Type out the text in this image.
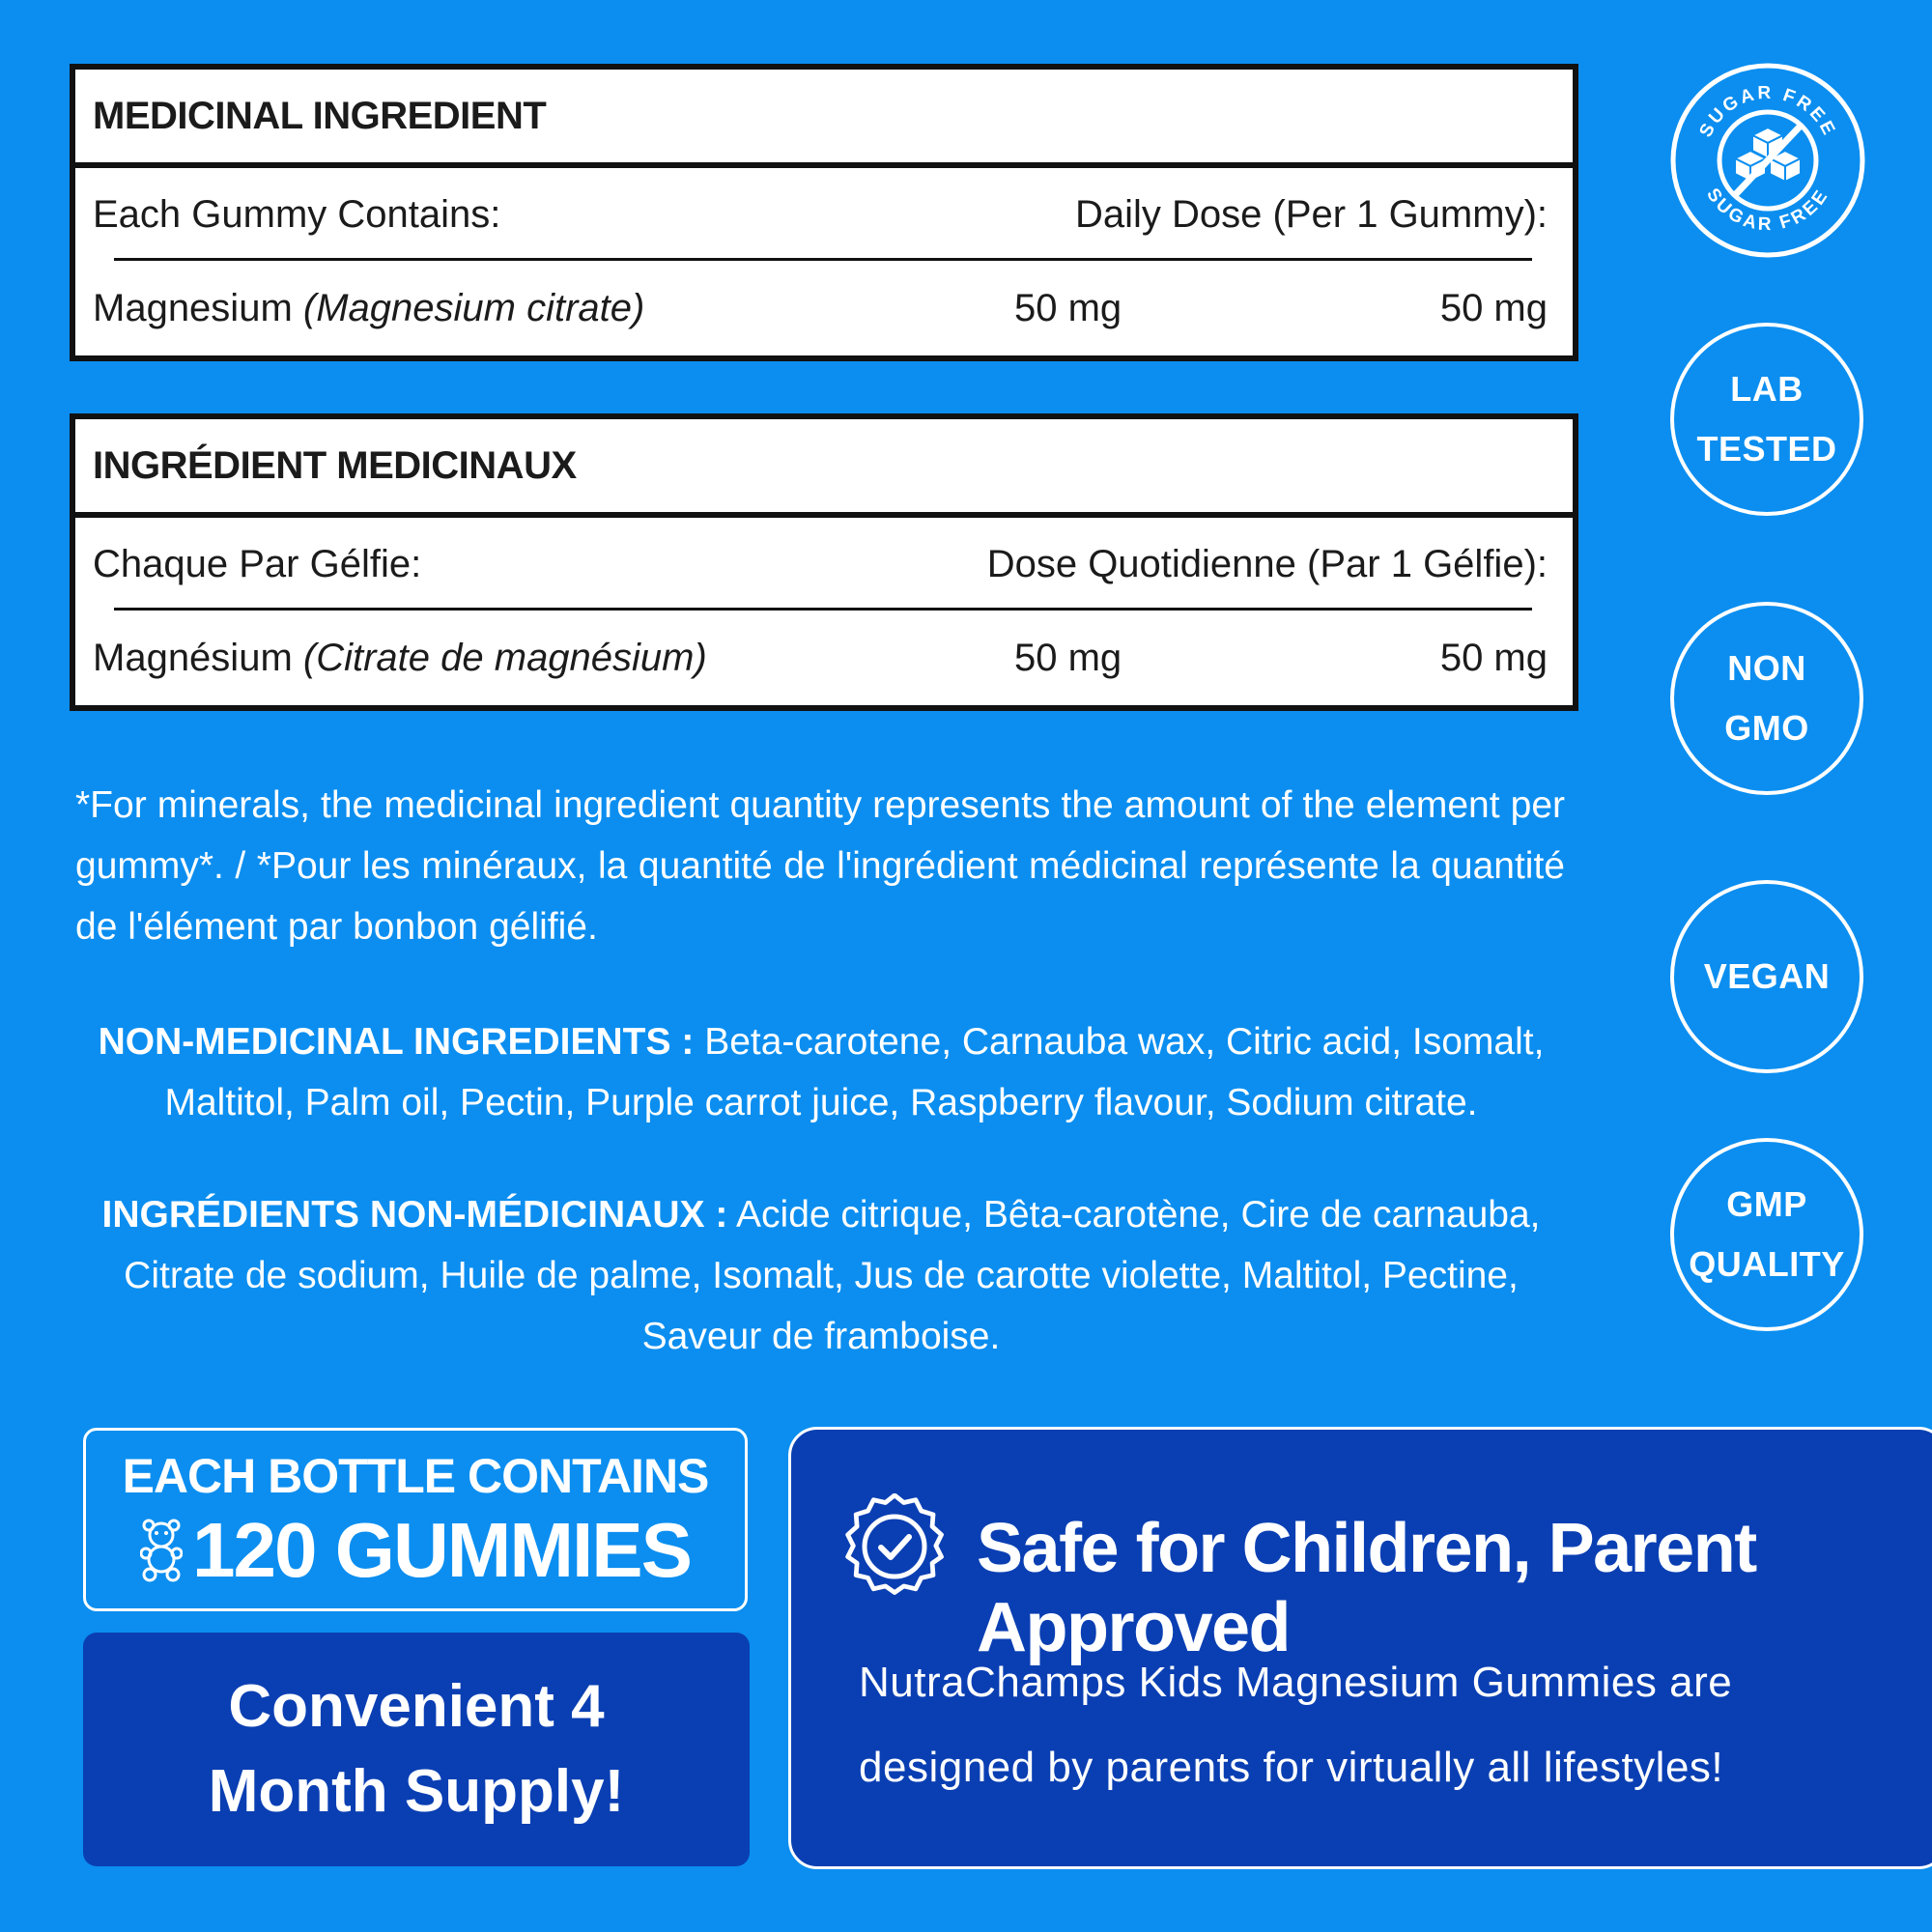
MEDICINAL INGREDIENT
Each Gummy Contains:	Daily Dose (Per 1 Gummy):
Magnesium (Magnesium citrate)	50 mg	50 mg
INGRÉDIENT MEDICINAUX
Chaque Par Gélfie:	Dose Quotidienne (Par 1 Gélfie):
Magnésium (Citrate de magnésium)	50 mg	50 mg
*For minerals, the medicinal ingredient quantity represents the amount of the element per gummy*. / *Pour les minéraux, la quantité de l'ingrédient médicinal représente la quantité de l'élément par bonbon gélifié.
NON-MEDICINAL INGREDIENTS : Beta-carotene, Carnauba wax, Citric acid, Isomalt, Maltitol, Palm oil, Pectin, Purple carrot juice, Raspberry flavour, Sodium citrate.
INGRÉDIENTS NON-MÉDICINAUX : Acide citrique, Bêta-carotène, Cire de carnauba, Citrate de sodium, Huile de palme, Isomalt, Jus de carotte violette, Maltitol, Pectine, Saveur de framboise.
SUGAR FREE
SUGAR FREE
LAB
TESTED
NON
GMO
VEGAN
GMP
QUALITY
EACH BOTTLE CONTAINS
120 GUMMIES
Convenient 4
Month Supply!
Safe for Children, Parent Approved
NutraChamps Kids Magnesium Gummies are designed by parents for virtually all lifestyles!
